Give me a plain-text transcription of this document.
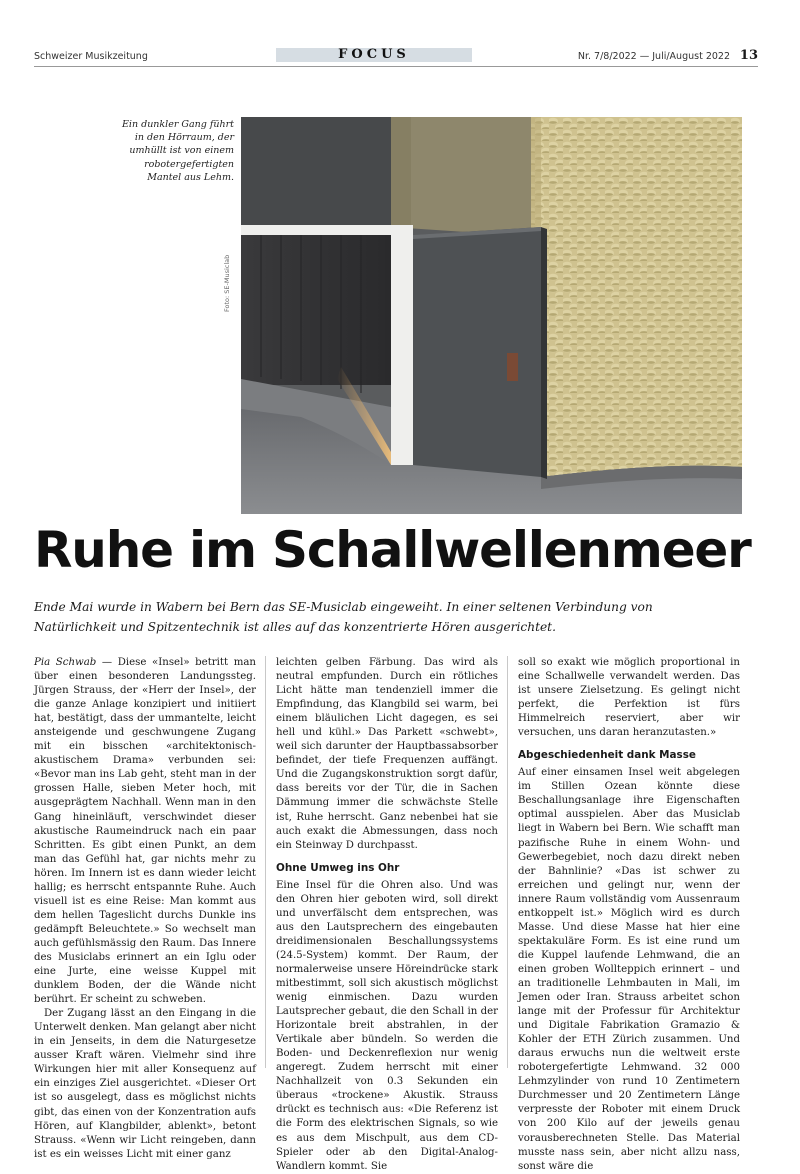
Schweizer Musikzeitung	FOCUS	Nr. 7/8/2022 — Juli/August 2022 13
Ein dunkler Gang führt in den Hörraum, der umhüllt ist von einem robotergefertigten Mantel aus Lehm.
Foto: SE-Musiclab
Ruhe im Schallwellenmeer

Ende Mai wurde in Wabern bei Bern das SE-Musiclab eingeweiht. In einer seltenen Verbindung von Natürlichkeit und Spitzentechnik ist alles auf das konzentrierte Hören ausgerichtet.

Pia Schwab — Diese «Insel» betritt man über einen besonderen Landungssteg. Jürgen Strauss, der «Herr der Insel», der die ganze Anlage konzipiert und initiiert hat, bestätigt, dass der ummantelte, leicht ansteigende und geschwungene Zugang mit ein bisschen «architektonisch-akustischem Drama» verbunden sei: «Bevor man ins Lab geht, steht man in der grossen Halle, sieben Meter hoch, mit ausgeprägtem Nachhall. Wenn man in den Gang hineinläuft, verschwindet dieser akustische Raumeindruck nach ein paar Schritten. Es gibt einen Punkt, an dem man das Gefühl hat, gar nichts mehr zu hören. Im Innern ist es dann wieder leicht hallig; es herrscht entspannte Ruhe. Auch visuell ist es eine Reise: Man kommt aus dem hellen Tageslicht durchs Dunkle ins gedämpft Beleuchtete.» So wechselt man auch gefühlsmässig den Raum. Das Innere des Musiclabs erinnert an ein Iglu oder eine Jurte, eine weisse Kuppel mit dunklem Boden, der die Wände nicht berührt. Er scheint zu schweben.

Der Zugang lässt an den Eingang in die Unterwelt denken. Man gelangt aber nicht in ein Jenseits, in dem die Naturgesetze ausser Kraft wären. Vielmehr sind ihre Wirkungen hier mit aller Konsequenz auf ein einziges Ziel ausgerichtet. «Dieser Ort ist so ausgelegt, dass es möglichst nichts gibt, das einen von der Konzentration aufs Hören, auf Klangbilder, ablenkt», betont Strauss. «Wenn wir Licht reingeben, dann ist es ein weisses Licht mit einer ganz

leichten gelben Färbung. Das wird als neutral empfunden. Durch ein rötliches Licht hätte man tendenziell immer die Empfindung, das Klangbild sei warm, bei einem bläulichen Licht dagegen, es sei hell und kühl.» Das Parkett «schwebt», weil sich darunter der Hauptbassabsorber befindet, der tiefe Frequenzen auffängt. Und die Zugangskonstruktion sorgt dafür, dass bereits vor der Tür, die in Sachen Dämmung immer die schwächste Stelle ist, Ruhe herrscht. Ganz nebenbei hat sie auch exakt die Abmessungen, dass noch ein Steinway D durchpasst.

Ohne Umweg ins Ohr

Eine Insel für die Ohren also. Und was den Ohren hier geboten wird, soll direkt und unverfälscht dem entsprechen, was aus den Lautsprechern des eingebauten dreidimensionalen Beschallungssystems (24.5-System) kommt. Der Raum, der normalerweise unsere Höreindrücke stark mitbestimmt, soll sich akustisch möglichst wenig einmischen. Dazu wurden Lautsprecher gebaut, die den Schall in der Horizontale breit abstrahlen, in der Vertikale aber bündeln. So werden die Boden- und Deckenreflexion nur wenig angeregt. Zudem herrscht mit einer Nachhallzeit von 0.3 Sekunden ein überaus «trockene» Akustik. Strauss drückt es technisch aus: «Die Referenz ist die Form des elektrischen Signals, so wie es aus dem Mischpult, aus dem CD-Spieler oder ab den Digital-Analog-Wandlern kommt. Sie

soll so exakt wie möglich proportional in eine Schallwelle verwandelt werden. Das ist unsere Zielsetzung. Es gelingt nicht perfekt, die Perfektion ist fürs Himmelreich reserviert, aber wir versuchen, uns daran heranzutasten.»

Abgeschiedenheit dank Masse

Auf einer einsamen Insel weit abgelegen im Stillen Ozean könnte diese Beschallungsanlage ihre Eigenschaften optimal ausspielen. Aber das Musiclab liegt in Wabern bei Bern. Wie schafft man pazifische Ruhe in einem Wohn- und Gewerbegebiet, noch dazu direkt neben der Bahnlinie? «Das ist schwer zu erreichen und gelingt nur, wenn der innere Raum vollständig vom Aussenraum entkoppelt ist.» Möglich wird es durch Masse. Und diese Masse hat hier eine spektakuläre Form. Es ist eine rund um die Kuppel laufende Lehmwand, die an einen groben Wollteppich erinnert – und an traditionelle Lehmbauten in Mali, im Jemen oder Iran. Strauss arbeitet schon lange mit der Professur für Architektur und Digitale Fabrikation Gramazio & Kohler der ETH Zürich zusammen. Und daraus erwuchs nun die weltweit erste robotergefertigte Lehmwand. 32 000 Lehmzylinder von rund 10 Zentimetern Durchmesser und 20 Zentimetern Länge verpresste der Roboter mit einem Druck von 200 Kilo auf der jeweils genau vorausberechneten Stelle. Das Material musste nass sein, aber nicht allzu nass, sonst wäre die
